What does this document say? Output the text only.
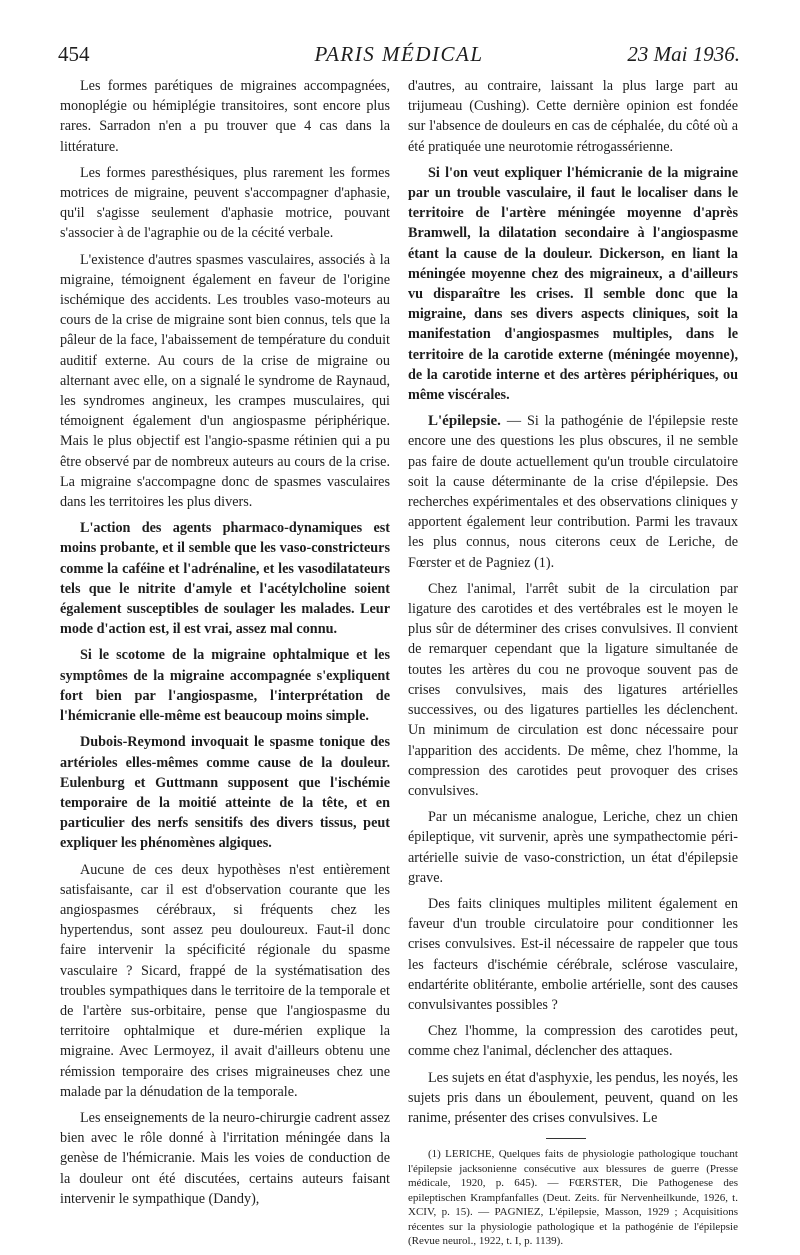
454	PARIS MÉDICAL	23 Mai 1936.

Les formes parétiques de migraines accompagnées, monoplégie ou hémiplégie transitoires, sont encore plus rares. Sarradon n'en a pu trouver que 4 cas dans la littérature.

Les formes paresthésiques, plus rarement les formes motrices de migraine, peuvent s'accompagner d'aphasie, qu'il s'agisse seulement d'aphasie motrice, pouvant s'associer à de l'agraphie ou de la cécité verbale.

L'existence d'autres spasmes vasculaires, associés à la migraine, témoignent également en faveur de l'origine ischémique des accidents. Les troubles vaso-moteurs au cours de la crise de migraine sont bien connus, tels que la pâleur de la face, l'abaissement de température du conduit auditif externe. Au cours de la crise de migraine ou alternant avec elle, on a signalé le syndrome de Raynaud, les syndromes angineux, les crampes musculaires, qui témoignent également d'un angiospasme périphérique. Mais le plus objectif est l'angio-spasme rétinien qui a pu être observé par de nombreux auteurs au cours de la crise. La migraine s'accompagne donc de spasmes vasculaires dans les territoires les plus divers.

L'action des agents pharmaco-dynamiques est moins probante, et il semble que les vaso-constricteurs comme la caféine et l'adrénaline, et les vasodilatateurs tels que le nitrite d'amyle et l'acétylcholine soient également susceptibles de soulager les malades. Leur mode d'action est, il est vrai, assez mal connu.

Si le scotome de la migraine ophtalmique et les symptômes de la migraine accompagnée s'expliquent fort bien par l'angiospasme, l'interprétation de l'hémicranie elle-même est beaucoup moins simple.

Dubois-Reymond invoquait le spasme tonique des artérioles elles-mêmes comme cause de la douleur. Eulenburg et Guttmann supposent que l'ischémie temporaire de la moitié atteinte de la tête, et en particulier des nerfs sensitifs des divers tissus, peut expliquer les phénomènes algiques.

Aucune de ces deux hypothèses n'est entièrement satisfaisante, car il est d'observation courante que les angiospasmes cérébraux, si fréquents chez les hypertendus, sont assez peu douloureux. Faut-il donc faire intervenir la spécificité régionale du spasme vasculaire ? Sicard, frappé de la systématisation des troubles sympathiques dans le territoire de la temporale et de l'artère sus-orbitaire, pense que l'angiospasme du territoire ophtalmique et dure-mérien explique la migraine. Avec Lermoyez, il avait d'ailleurs obtenu une rémission temporaire des crises migraineuses chez une malade par la dénudation de la temporale.

Les enseignements de la neuro-chirurgie cadrent assez bien avec le rôle donné à l'irritation méningée dans la genèse de l'hémicranie. Mais les voies de conduction de la douleur ont été discutées, certains auteurs faisant intervenir le sympathique (Dandy),

d'autres, au contraire, laissant la plus large part au trijumeau (Cushing). Cette dernière opinion est fondée sur l'absence de douleurs en cas de céphalée, du côté où a été pratiquée une neurotomie rétrogassérienne.

Si l'on veut expliquer l'hémicranie de la migraine par un trouble vasculaire, il faut le localiser dans le territoire de l'artère méningée moyenne d'après Bramwell, la dilatation secondaire à l'angiospasme étant la cause de la douleur. Dickerson, en liant la méningée moyenne chez des migraineux, a d'ailleurs vu disparaître les crises. Il semble donc que la migraine, dans ses divers aspects cliniques, soit la manifestation d'angiospasmes multiples, dans le territoire de la carotide externe (méningée moyenne), de la carotide interne et des artères périphériques, ou même viscérales.

L'épilepsie. — Si la pathogénie de l'épilepsie reste encore une des questions les plus obscures, il ne semble pas faire de doute actuellement qu'un trouble circulatoire soit la cause déterminante de la crise d'épilepsie. Des recherches expérimentales et des observations cliniques y apportent également leur contribution. Parmi les travaux les plus connus, nous citerons ceux de Leriche, de Fœrster et de Pagniez (1).

Chez l'animal, l'arrêt subit de la circulation par ligature des carotides et des vertébrales est le moyen le plus sûr de déterminer des crises convulsives. Il convient de remarquer cependant que la ligature simultanée de toutes les artères du cou ne provoque souvent pas de crises convulsives, mais des ligatures artérielles successives, ou des ligatures partielles les déclenchent. Un minimum de circulation est donc nécessaire pour l'apparition des accidents. De même, chez l'homme, la compression des carotides peut provoquer des crises convulsives.

Par un mécanisme analogue, Leriche, chez un chien épileptique, vit survenir, après une sympathectomie péri-artérielle suivie de vaso-constriction, un état d'épilepsie grave.

Des faits cliniques multiples militent également en faveur d'un trouble circulatoire pour conditionner les crises convulsives. Est-il nécessaire de rappeler que tous les facteurs d'ischémie cérébrale, sclérose vasculaire, endartérite oblitérante, embolie artérielle, sont des causes convulsivantes possibles ?

Chez l'homme, la compression des carotides peut, comme chez l'animal, déclencher des attaques.

Les sujets en état d'asphyxie, les pendus, les noyés, les sujets pris dans un éboulement, peuvent, quand on les ranime, présenter des crises convulsives. Le

(1) LERICHE, Quelques faits de physiologie pathologique touchant l'épilepsie jacksonienne consécutive aux blessures de guerre (Presse médicale, 1920, p. 645). — FŒRSTER, Die Pathogenese des epileptischen Krampfanfalles (Deut. Zeits. für Nervenheilkunde, 1926, t. XCIV, p. 15). — PAGNIEZ, L'épilepsie, Masson, 1929 ; Acquisitions récentes sur la physiologie pathologique et la pathogénie de l'épilepsie (Revue neurol., 1922, t. I, p. 1139).
